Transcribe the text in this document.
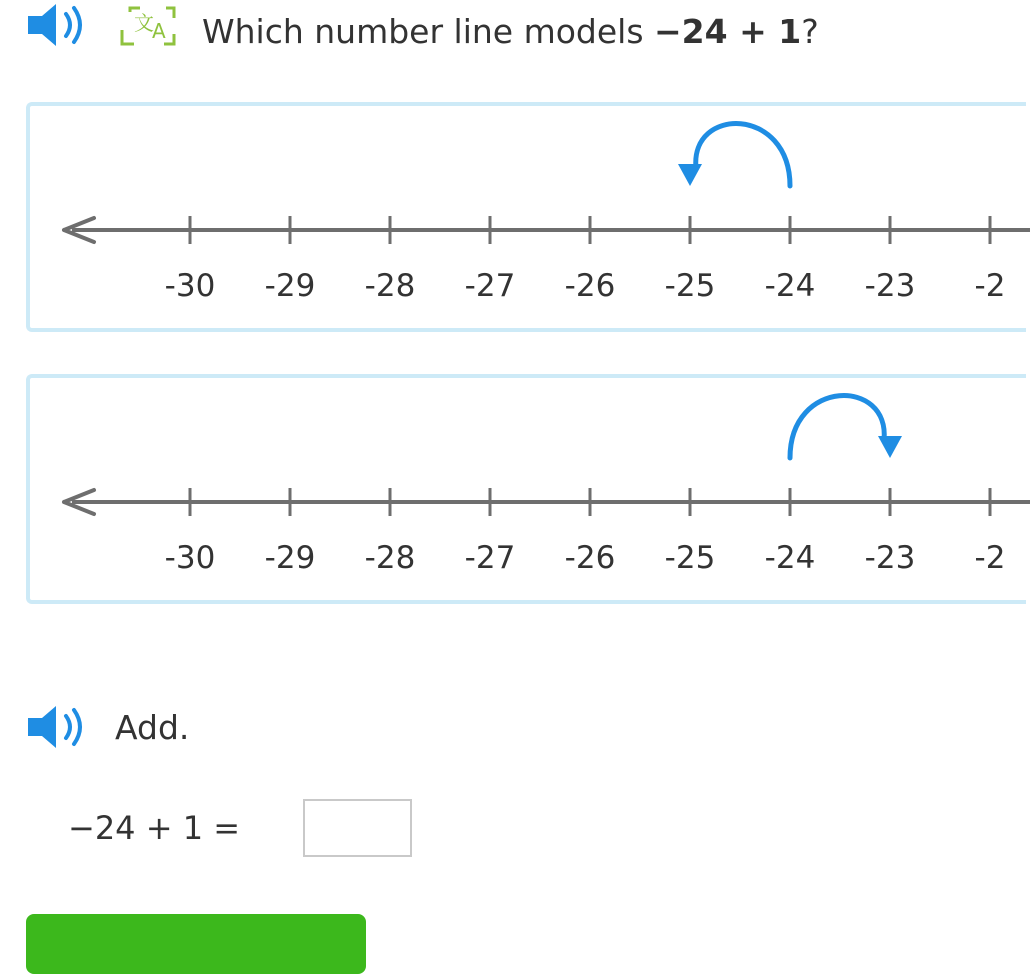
文
A Which number line models −24 + 1?
-30 -29 -28 -27 -26 -25 -24 -23 -2
-30 -29 -28 -27 -26 -25 -24 -23 -2
Add.
−24 + 1 =
